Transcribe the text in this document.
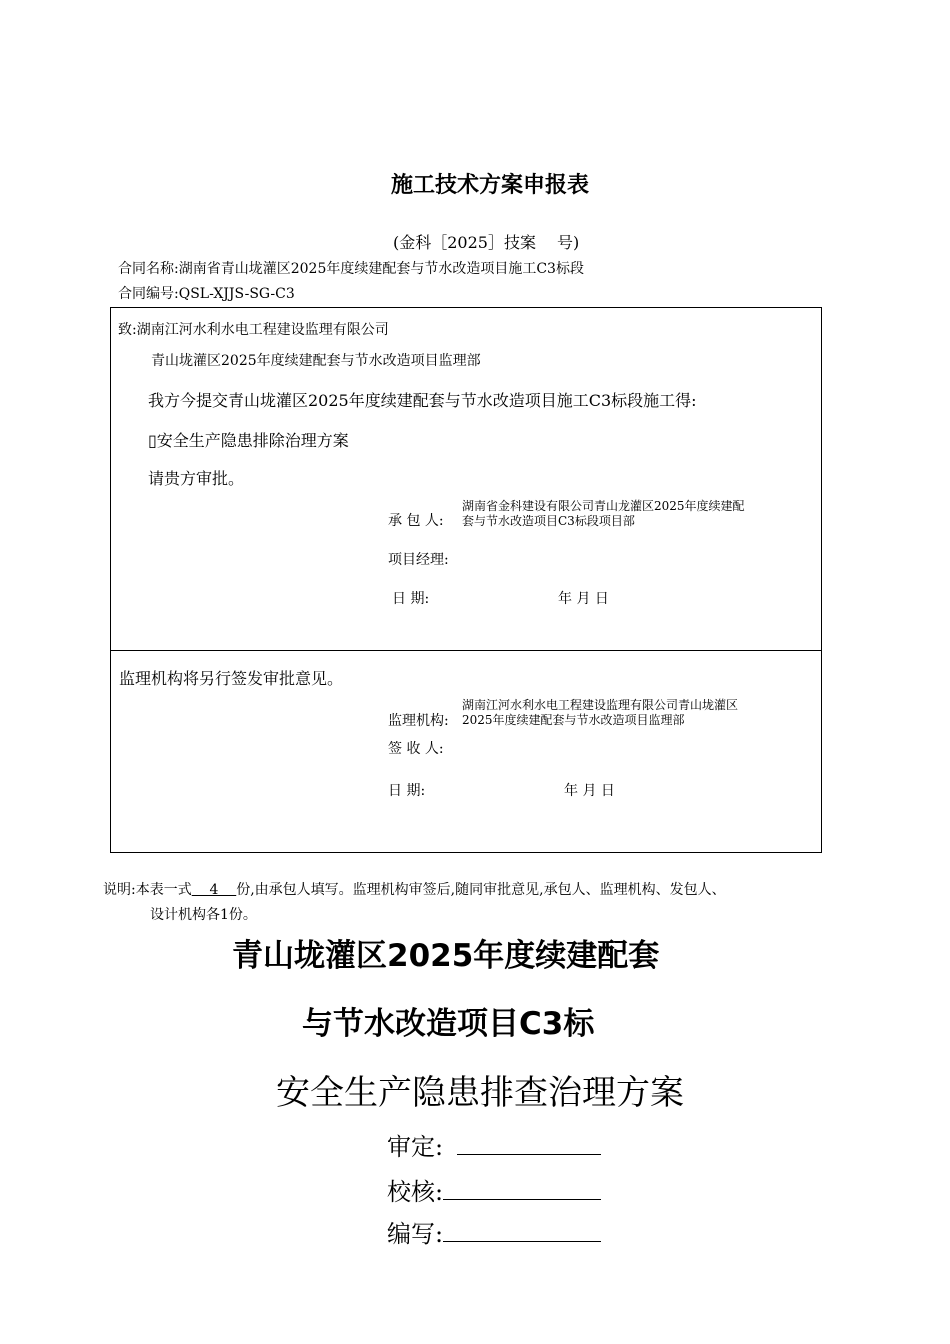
施工技术方案申报表
(金科［2025］技案　 号)
合同名称:湖南省青山垅灌区2025年度续建配套与节水改造项目施工C3标段
合同编号:QSL-XJJS-SG-C3
致:湖南江河水利水电工程建设监理有限公司
青山垅灌区2025年度续建配套与节水改造项目监理部
我方今提交青山垅灌区2025年度续建配套与节水改造项目施工C3标段施工得:
▯安全生产隐患排除治理方案
请贵方审批。
承 包 人:
湖南省金科建设有限公司青山龙灌区2025年度续建配套与节水改造项目C3标段项目部
项目经理:
日 期:	年 月 日
监理机构将另行签发审批意见。
监理机构:
湖南江河水利水电工程建设监理有限公司青山垅灌区2025年度续建配套与节水改造项目监理部
签 收 人:
日 期:	年 月 日
说明:本表一式    4    份,由承包人填写。监理机构审签后,随同审批意见,承包人、监理机构、发包人、
设计机构各1份。
青山垅灌区2025年度续建配套
与节水改造项目C3标
安全生产隐患排查治理方案
审定:
校核:
编写:
